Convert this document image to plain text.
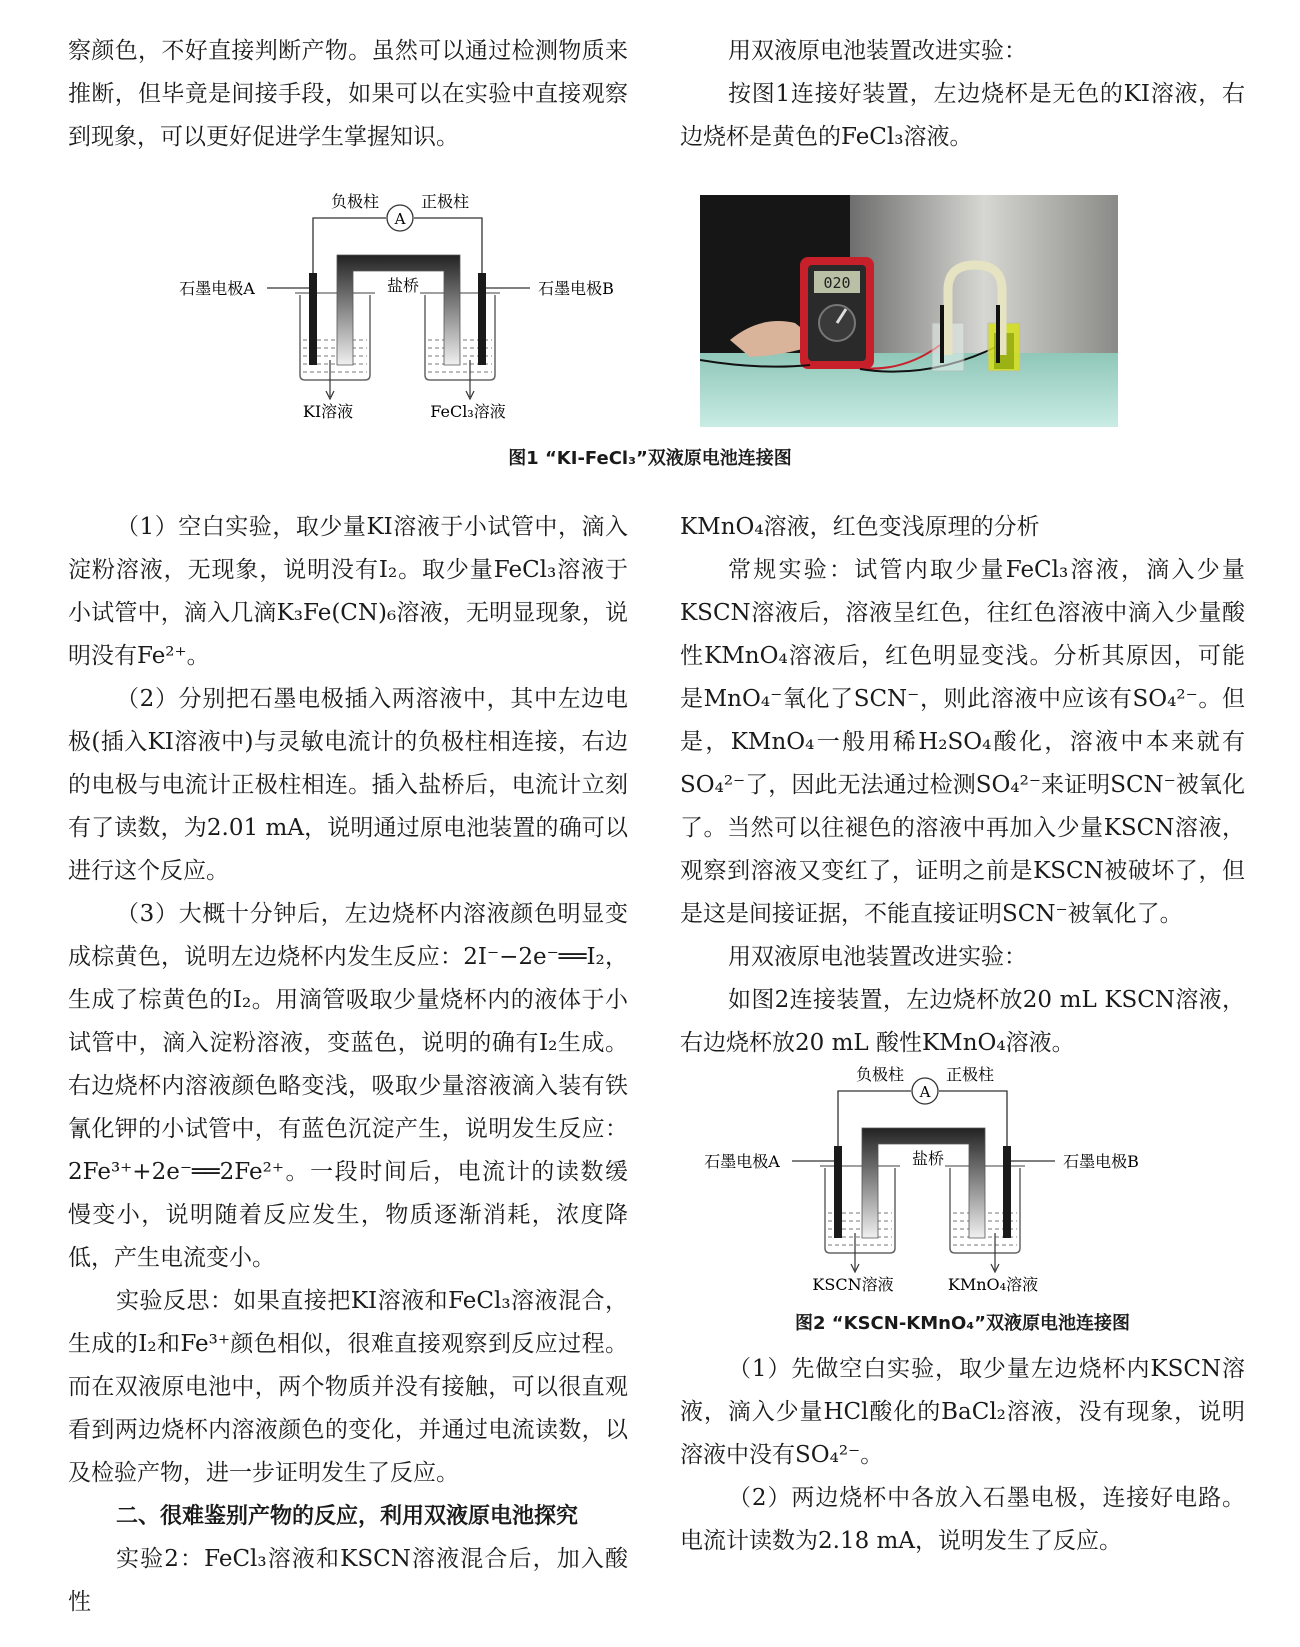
察颜色，不好直接判断产物。虽然可以通过检测物质来推断，但毕竟是间接手段，如果可以在实验中直接观察到现象，可以更好促进学生掌握知识。

用双液原电池装置改进实验：

按图1连接好装置，左边烧杯是无色的KI溶液，右边烧杯是黄色的FeCl₃溶液。

A
负极柱	正极柱
石墨电极A	石墨电极B
盐桥
KI溶液	FeCl₃溶液
020
图1 “KI-FeCl₃”双液原电池连接图

（1）空白实验，取少量KI溶液于小试管中，滴入淀粉溶液，无现象，说明没有I₂。取少量FeCl₃溶液于小试管中，滴入几滴K₃Fe(CN)₆溶液，无明显现象，说明没有Fe²⁺。

（2）分别把石墨电极插入两溶液中，其中左边电极(插入KI溶液中)与灵敏电流计的负极柱相连接，右边的电极与电流计正极柱相连。插入盐桥后，电流计立刻有了读数，为2.01 mA，说明通过原电池装置的确可以进行这个反应。

（3）大概十分钟后，左边烧杯内溶液颜色明显变成棕黄色，说明左边烧杯内发生反应：2I⁻−2e⁻══I₂，生成了棕黄色的I₂。用滴管吸取少量烧杯内的液体于小试管中，滴入淀粉溶液，变蓝色，说明的确有I₂生成。右边烧杯内溶液颜色略变浅，吸取少量溶液滴入装有铁氰化钾的小试管中，有蓝色沉淀产生，说明发生反应：2Fe³⁺+2e⁻══2Fe²⁺。一段时间后，电流计的读数缓慢变小，说明随着反应发生，物质逐渐消耗，浓度降低，产生电流变小。

实验反思：如果直接把KI溶液和FeCl₃溶液混合，生成的I₂和Fe³⁺颜色相似，很难直接观察到反应过程。而在双液原电池中，两个物质并没有接触，可以很直观看到两边烧杯内溶液颜色的变化，并通过电流读数，以及检验产物，进一步证明发生了反应。

二、很难鉴别产物的反应，利用双液原电池探究

实验2：FeCl₃溶液和KSCN溶液混合后，加入酸性

KMnO₄溶液，红色变浅原理的分析

常规实验：试管内取少量FeCl₃溶液，滴入少量KSCN溶液后，溶液呈红色，往红色溶液中滴入少量酸性KMnO₄溶液后，红色明显变浅。分析其原因，可能是MnO₄⁻氧化了SCN⁻，则此溶液中应该有SO₄²⁻。但是，KMnO₄一般用稀H₂SO₄酸化，溶液中本来就有SO₄²⁻了，因此无法通过检测SO₄²⁻来证明SCN⁻被氧化了。当然可以往褪色的溶液中再加入少量KSCN溶液，观察到溶液又变红了，证明之前是KSCN被破坏了，但是这是间接证据，不能直接证明SCN⁻被氧化了。

用双液原电池装置改进实验：

如图2连接装置，左边烧杯放20 mL KSCN溶液，右边烧杯放20 mL 酸性KMnO₄溶液。

A
负极柱	正极柱
石墨电极A	石墨电极B
盐桥
KSCN溶液	KMnO₄溶液
图2 “KSCN-KMnO₄”双液原电池连接图

（1）先做空白实验，取少量左边烧杯内KSCN溶液，滴入少量HCl酸化的BaCl₂溶液，没有现象，说明溶液中没有SO₄²⁻。

（2）两边烧杯中各放入石墨电极，连接好电路。电流计读数为2.18 mA，说明发生了反应。
